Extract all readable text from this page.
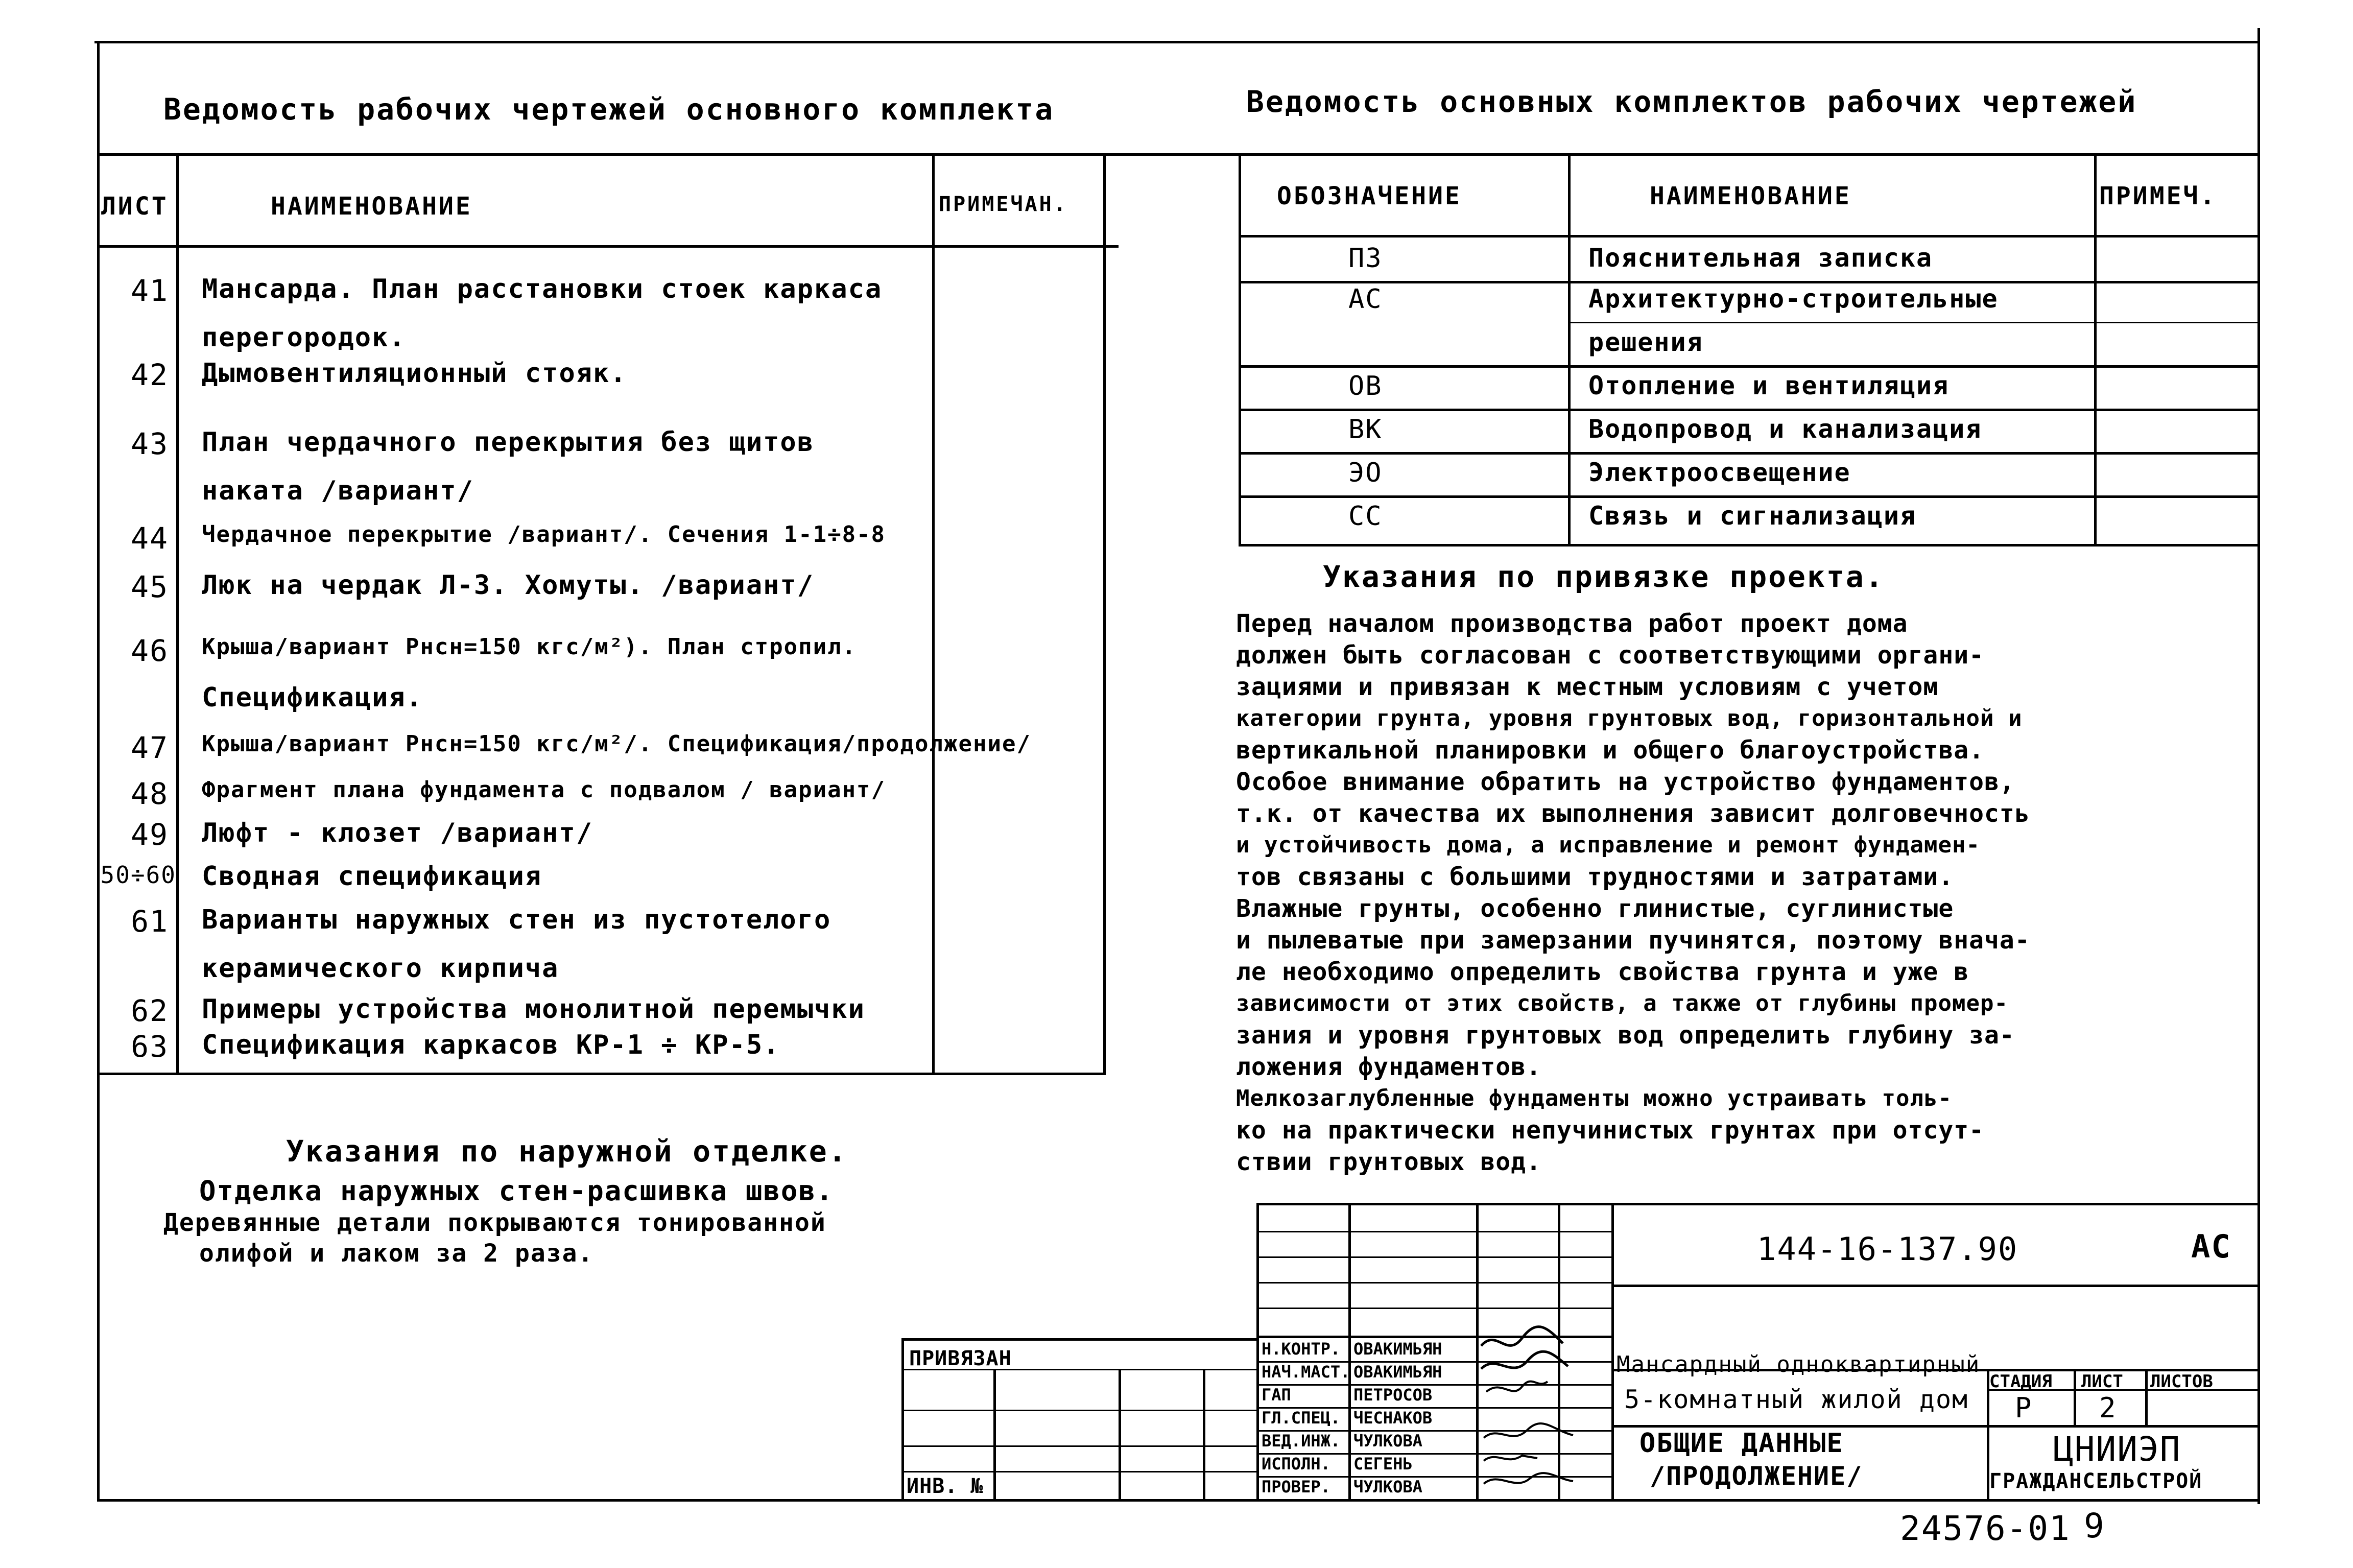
Ведомость рабочих чертежей основного комплекта
ЛИСТ	НАИМЕНОВАНИЕ	ПРИМЕЧАН.
41 Мансарда. План расстановки стоек каркаса
перегородок.
42 Дымовентиляционный стояк.
43 План чердачного перекрытия без щитов
наката /вариант/
44 Чердачное перекрытие /вариант/. Сечения 1-1÷8-8
45 Люк на чердак Л-3. Хомуты. /вариант/
46 Крыша/вариант Pнсн=150 кгс/м²). План стропил.
Спецификация.
47 Крыша/вариант Pнсн=150 кгс/м²/. Спецификация/продолжение/
48 Фрагмент плана фундамента с подвалом / вариант/
49 Люфт - клозет /вариант/
50÷60 Сводная спецификация
61 Варианты наружных стен из пустотелого
керамического кирпича
62 Примеры устройства монолитной перемычки
63 Спецификация каркасов КР-1 ÷ КР-5.
Указания по наружной отделке.
Отделка наружных стен-расшивка швов.
Деревянные детали покрываются тонированной
олифой и лаком за 2 раза.
Ведомость основных комплектов рабочих чертежей
ОБОЗНАЧЕНИЕ	НАИМЕНОВАНИЕ	ПРИМЕЧ.
ПЗ	Пояснительная записка
АС	Архитектурно-строительные
решения
ОВ	Отопление и вентиляция
ВК	Водопровод и канализация
ЭО	Электроосвещение
СС	Связь и сигнализация
Указания по привязке проекта.
Перед началом производства работ проект дома
должен быть согласован с соответствующими органи-
зациями и привязан к местным условиям с учетом
категории грунта, уровня грунтовых вод, горизонтальной и
вертикальной планировки и общего благоустройства.
Особое внимание обратить на устройство фундаментов,
т.к. от качества их выполнения зависит долговечность
и устойчивость дома, а исправление и ремонт фундамен-
тов связаны с большими трудностями и затратами.
Влажные грунты, особенно глинистые, суглинистые
и пылеватые при замерзании пучинятся, поэтому внача-
ле необходимо определить свойства грунта и уже в
зависимости от этих свойств, а также от глубины промер-
зания и уровня грунтовых вод определить глубину за-
ложения фундаментов.
Мелкозаглубленные фундаменты можно устраивать толь-
ко на практически непучинистых грунтах при отсут-
ствии грунтовых вод.
ПРИВЯЗАН
ИНВ. №
Н.КОНТР. ОВАКИМЬЯН
НАЧ.МАСТ. ОВАКИМЬЯН
ГАП	ПЕТРОСОВ
ГЛ.СПЕЦ. ЧЕСНАКОВ
ВЕД.ИНЖ. ЧУЛКОВА
ИСПОЛН. СЕГЕНЬ
ПРОВЕР. ЧУЛКОВА
144-16-137.90	АС
Мансардный одноквартирный
5-комнатный жилой дом
СТАДИЯ ЛИСТ ЛИСТОВ
Р 2
ОБЩИЕ ДАННЫЕ
/ПРОДОЛЖЕНИЕ/
ЦНИИЭП
ГРАЖДАНСЕЛЬСТРОЙ
24576-01 9
